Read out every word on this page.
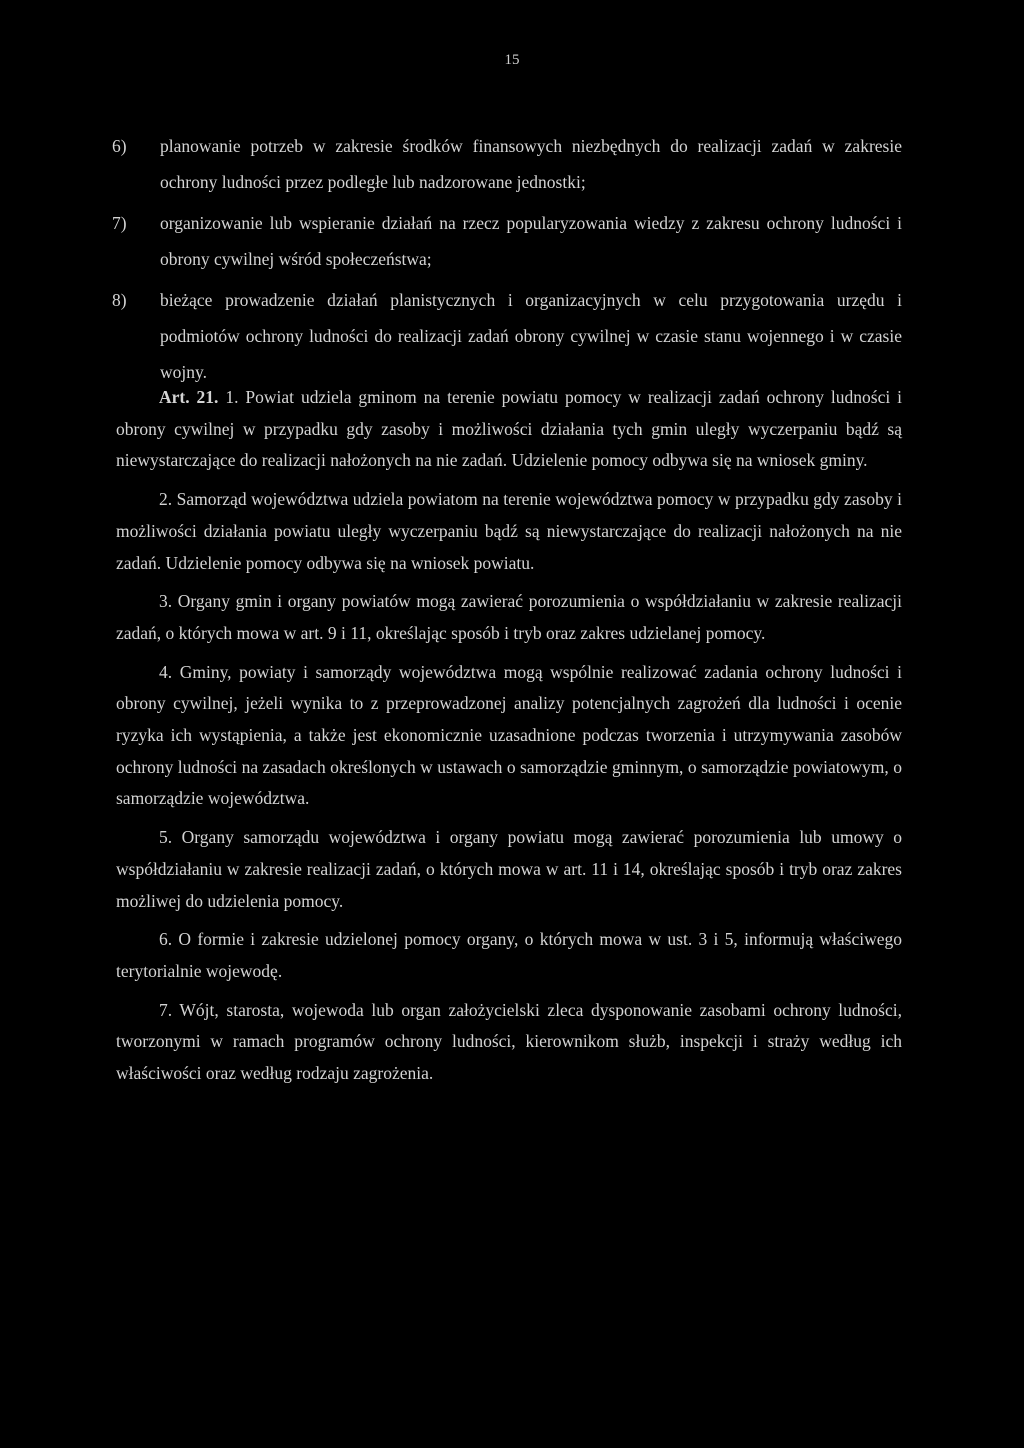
15
6) planowanie potrzeb w zakresie środków finansowych niezbędnych do realizacji zadań w zakresie ochrony ludności przez podległe lub nadzorowane jednostki;
7) organizowanie lub wspieranie działań na rzecz popularyzowania wiedzy z zakresu ochrony ludności i obrony cywilnej wśród społeczeństwa;
8) bieżące prowadzenie działań planistycznych i organizacyjnych w celu przygotowania urzędu i podmiotów ochrony ludności do realizacji zadań obrony cywilnej w czasie stanu wojennego i w czasie wojny.

Art. 21. 1. Powiat udziela gminom na terenie powiatu pomocy w realizacji zadań ochrony ludności i obrony cywilnej w przypadku gdy zasoby i możliwości działania tych gmin uległy wyczerpaniu bądź są niewystarczające do realizacji nałożonych na nie zadań. Udzielenie pomocy odbywa się na wniosek gminy.

2. Samorząd województwa udziela powiatom na terenie województwa pomocy w przypadku gdy zasoby i możliwości działania powiatu uległy wyczerpaniu bądź są niewystarczające do realizacji nałożonych na nie zadań. Udzielenie pomocy odbywa się na wniosek powiatu.

3. Organy gmin i organy powiatów mogą zawierać porozumienia o współdziałaniu w zakresie realizacji zadań, o których mowa w art. 9 i 11, określając sposób i tryb oraz zakres udzielanej pomocy.

4. Gminy, powiaty i samorządy województwa mogą wspólnie realizować zadania ochrony ludności i obrony cywilnej, jeżeli wynika to z przeprowadzonej analizy potencjalnych zagrożeń dla ludności i ocenie ryzyka ich wystąpienia, a także jest ekonomicznie uzasadnione podczas tworzenia i utrzymywania zasobów ochrony ludności na zasadach określonych w ustawach o samorządzie gminnym, o samorządzie powiatowym, o samorządzie województwa.

5. Organy samorządu województwa i organy powiatu mogą zawierać porozumienia lub umowy o współdziałaniu w zakresie realizacji zadań, o których mowa w art. 11 i 14, określając sposób i tryb oraz zakres możliwej do udzielenia pomocy.

6. O formie i zakresie udzielonej pomocy organy, o których mowa w ust. 3 i 5, informują właściwego terytorialnie wojewodę.

7. Wójt, starosta, wojewoda lub organ założycielski zleca dysponowanie zasobami ochrony ludności, tworzonymi w ramach programów ochrony ludności, kierownikom służb, inspekcji i straży według ich właściwości oraz według rodzaju zagrożenia.
